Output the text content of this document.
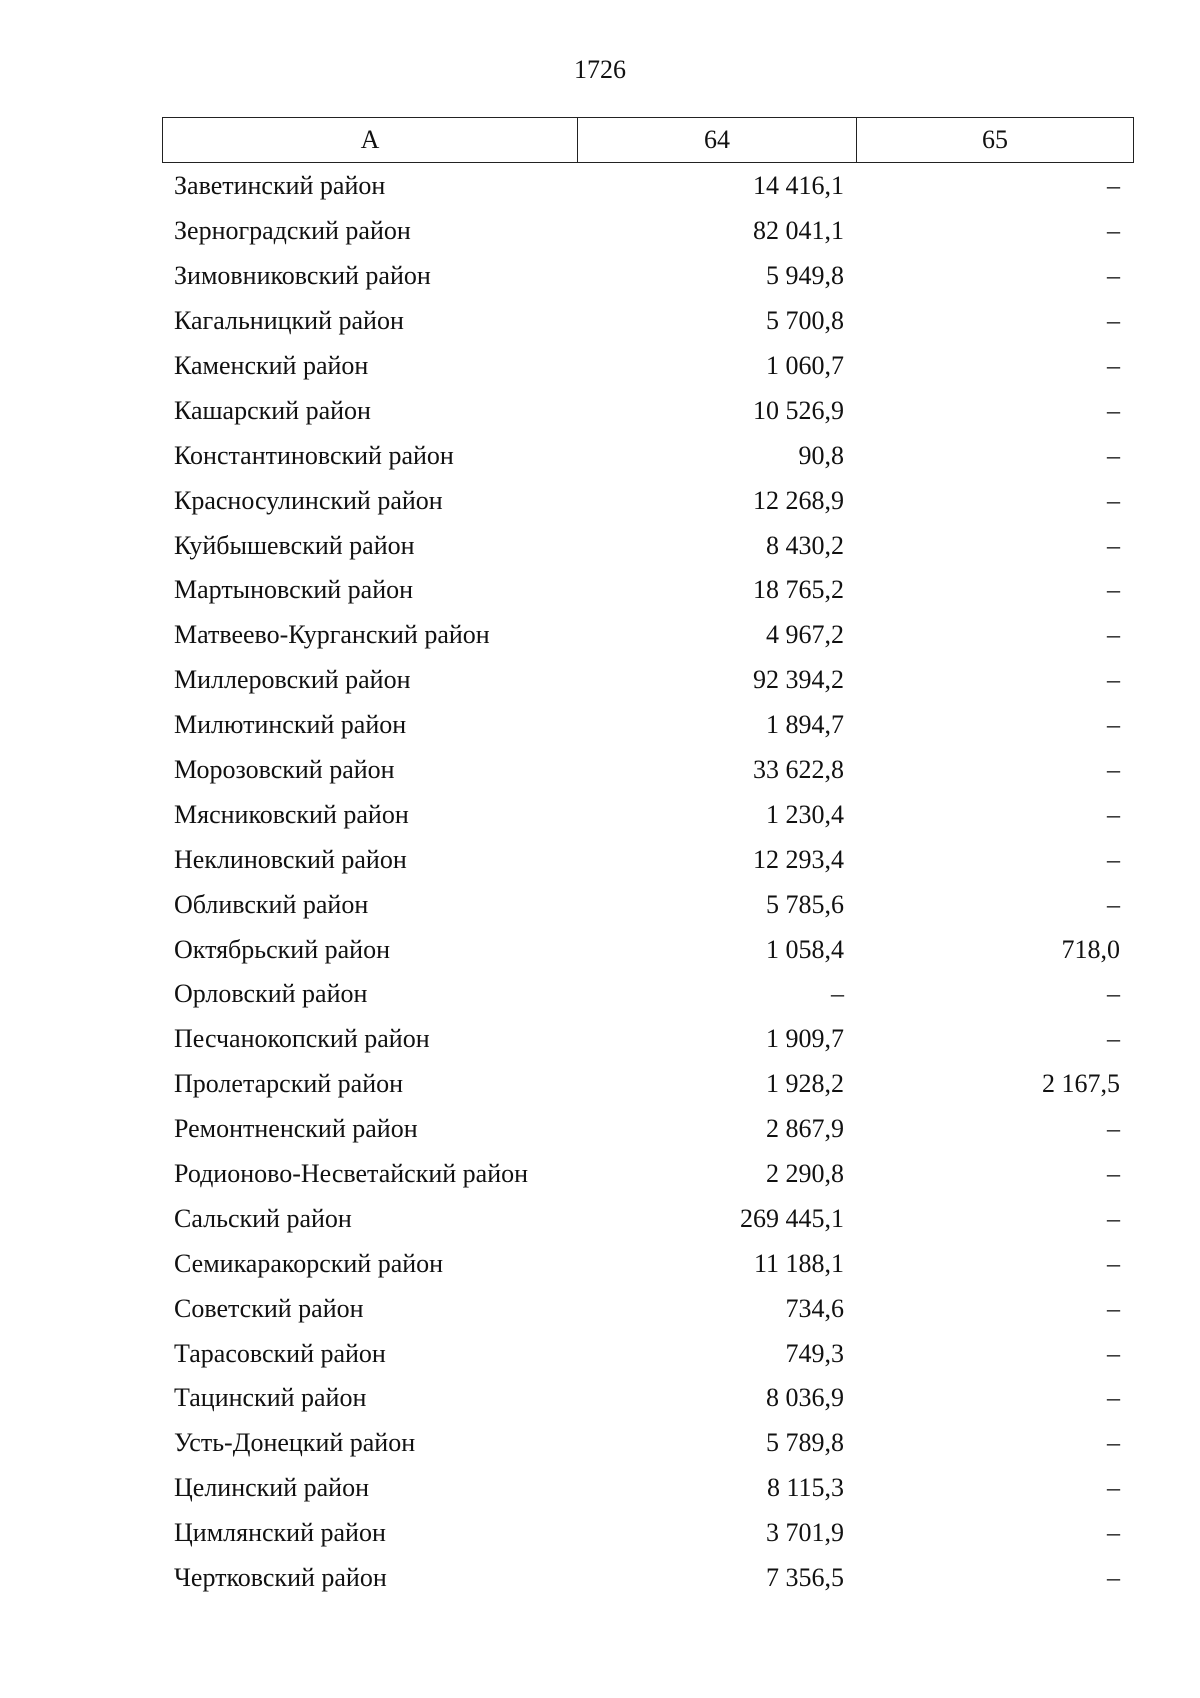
1726
А	64	65
Заветинский район	14 416,1	–
Зерноградский район	82 041,1	–
Зимовниковский район	5 949,8	–
Кагальницкий район	5 700,8	–
Каменский район	1 060,7	–
Кашарский район	10 526,9	–
Константиновский район	90,8	–
Красносулинский район	12 268,9	–
Куйбышевский район	8 430,2	–
Мартыновский район	18 765,2	–
Матвеево-Курганский район	4 967,2	–
Миллеровский район	92 394,2	–
Милютинский район	1 894,7	–
Морозовский район	33 622,8	–
Мясниковский район	1 230,4	–
Неклиновский район	12 293,4	–
Обливский район	5 785,6	–
Октябрьский район	1 058,4	718,0
Орловский район	–	–
Песчанокопский район	1 909,7	–
Пролетарский район	1 928,2	2 167,5
Ремонтненский район	2 867,9	–
Родионово-Несветайский район	2 290,8	–
Сальский район	269 445,1	–
Семикаракорский район	11 188,1	–
Советский район	734,6	–
Тарасовский район	749,3	–
Тацинский район	8 036,9	–
Усть-Донецкий район	5 789,8	–
Целинский район	8 115,3	–
Цимлянский район	3 701,9	–
Чертковский район	7 356,5	–
